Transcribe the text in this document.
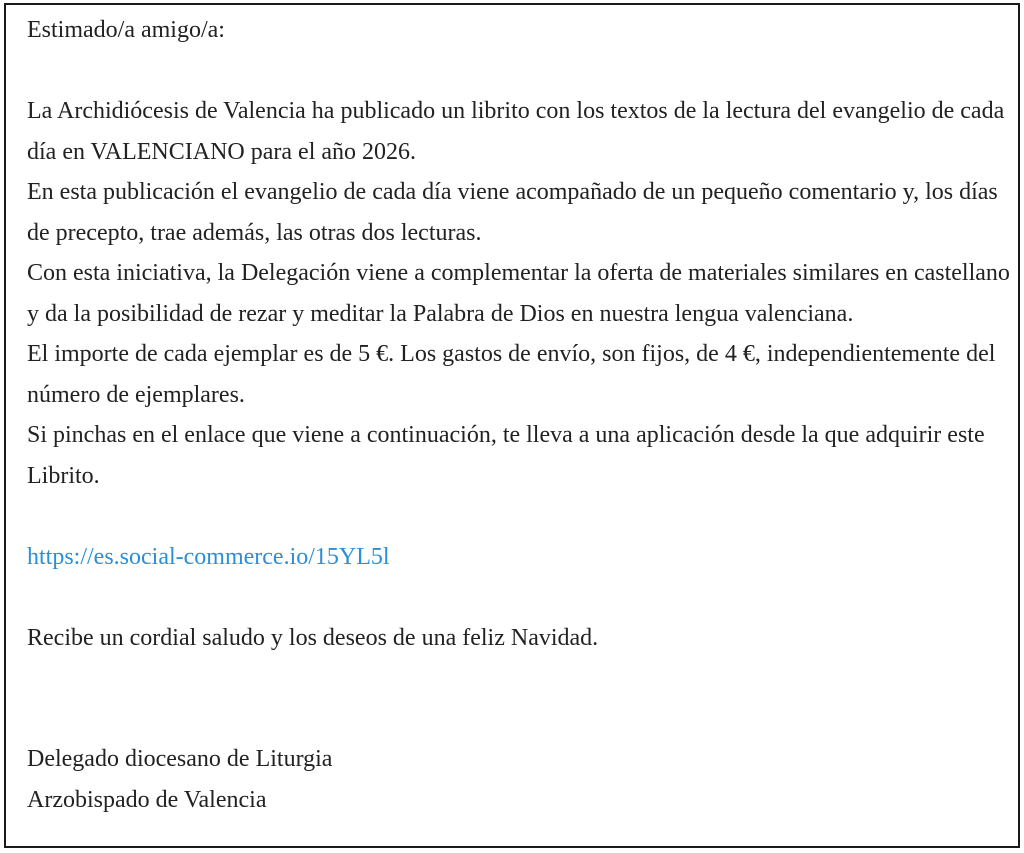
Estimado/a amigo/a:

La Archidiócesis de Valencia ha publicado un librito con los textos de la lectura del evangelio de cada día en VALENCIANO para el año 2026.

En esta publicación el evangelio de cada día viene acompañado de un pequeño comentario y, los días de precepto, trae además, las otras dos lecturas.

Con esta iniciativa, la Delegación viene a complementar la oferta de materiales similares en castellano y da la posibilidad de rezar y meditar la Palabra de Dios en nuestra lengua valenciana.

El importe de cada ejemplar es de 5 €. Los gastos de envío, son fijos, de 4 €, independientemente del número de ejemplares.

Si pinchas en el enlace que viene a continuación, te lleva a una aplicación desde la que adquirir este Librito.

https://es.social-commerce.io/15YL5l

Recibe un cordial saludo y los deseos de una feliz Navidad.

Delegado diocesano de Liturgia

Arzobispado de Valencia
